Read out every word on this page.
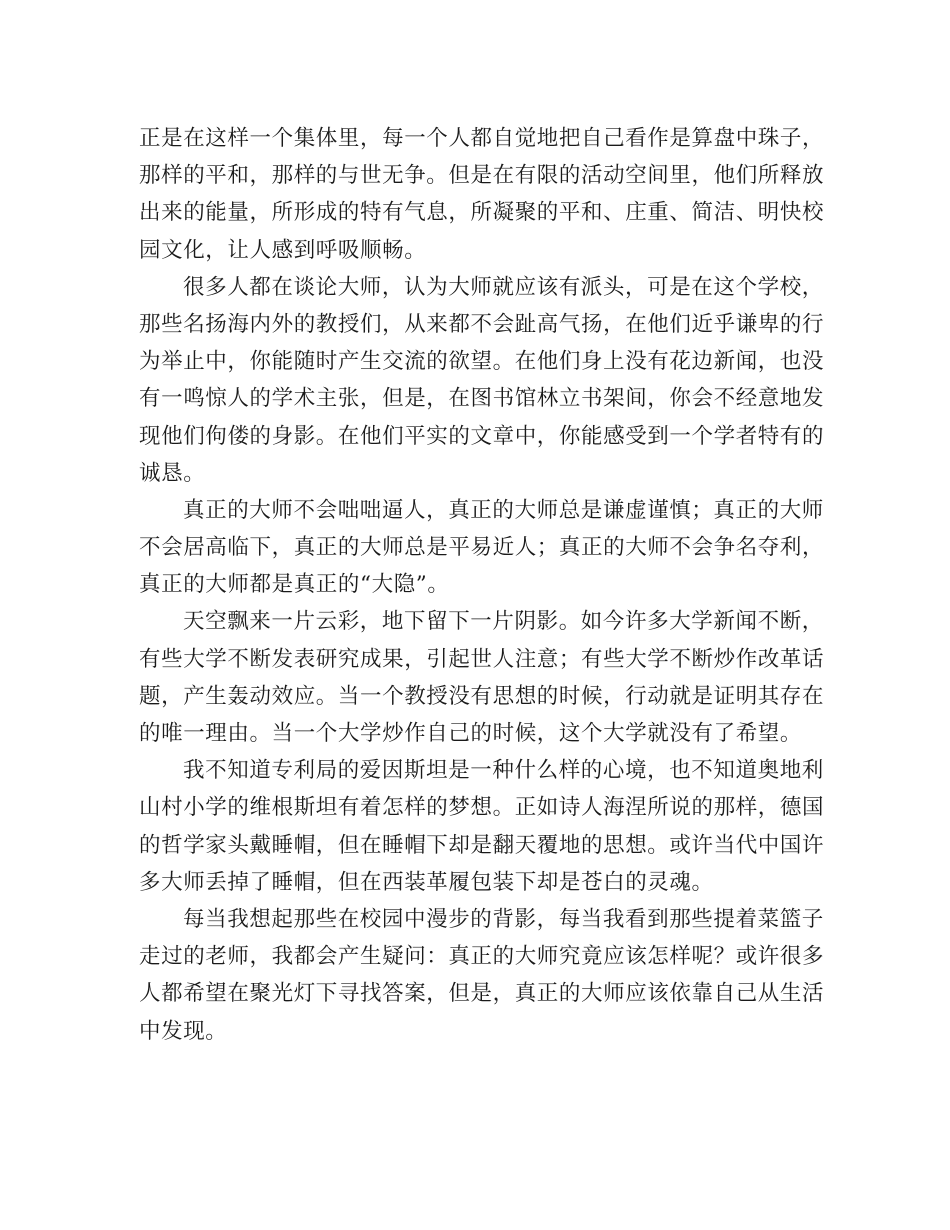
正是在这样一个集体里，每一个人都自觉地把自己看作是算盘中珠子，
那样的平和，那样的与世无争。但是在有限的活动空间里，他们所释放
出来的能量，所形成的特有气息，所凝聚的平和、庄重、简洁、明快校
园文化，让人感到呼吸顺畅。
很多人都在谈论大师，认为大师就应该有派头，可是在这个学校，
那些名扬海内外的教授们，从来都不会趾高气扬，在他们近乎谦卑的行
为举止中，你能随时产生交流的欲望。在他们身上没有花边新闻，也没
有一鸣惊人的学术主张，但是，在图书馆林立书架间，你会不经意地发
现他们佝偻的身影。在他们平实的文章中，你能感受到一个学者特有的
诚恳。
真正的大师不会咄咄逼人，真正的大师总是谦虚谨慎；真正的大师
不会居高临下，真正的大师总是平易近人；真正的大师不会争名夺利，
真正的大师都是真正的“大隐”。
天空飘来一片云彩，地下留下一片阴影。如今许多大学新闻不断，
有些大学不断发表研究成果，引起世人注意；有些大学不断炒作改革话
题，产生轰动效应。当一个教授没有思想的时候，行动就是证明其存在
的唯一理由。当一个大学炒作自己的时候，这个大学就没有了希望。
我不知道专利局的爱因斯坦是一种什么样的心境，也不知道奥地利
山村小学的维根斯坦有着怎样的梦想。正如诗人海涅所说的那样，德国
的哲学家头戴睡帽，但在睡帽下却是翻天覆地的思想。或许当代中国许
多大师丢掉了睡帽，但在西装革履包装下却是苍白的灵魂。
每当我想起那些在校园中漫步的背影，每当我看到那些提着菜篮子
走过的老师，我都会产生疑问：真正的大师究竟应该怎样呢？或许很多
人都希望在聚光灯下寻找答案，但是，真正的大师应该依靠自己从生活
中发现。
